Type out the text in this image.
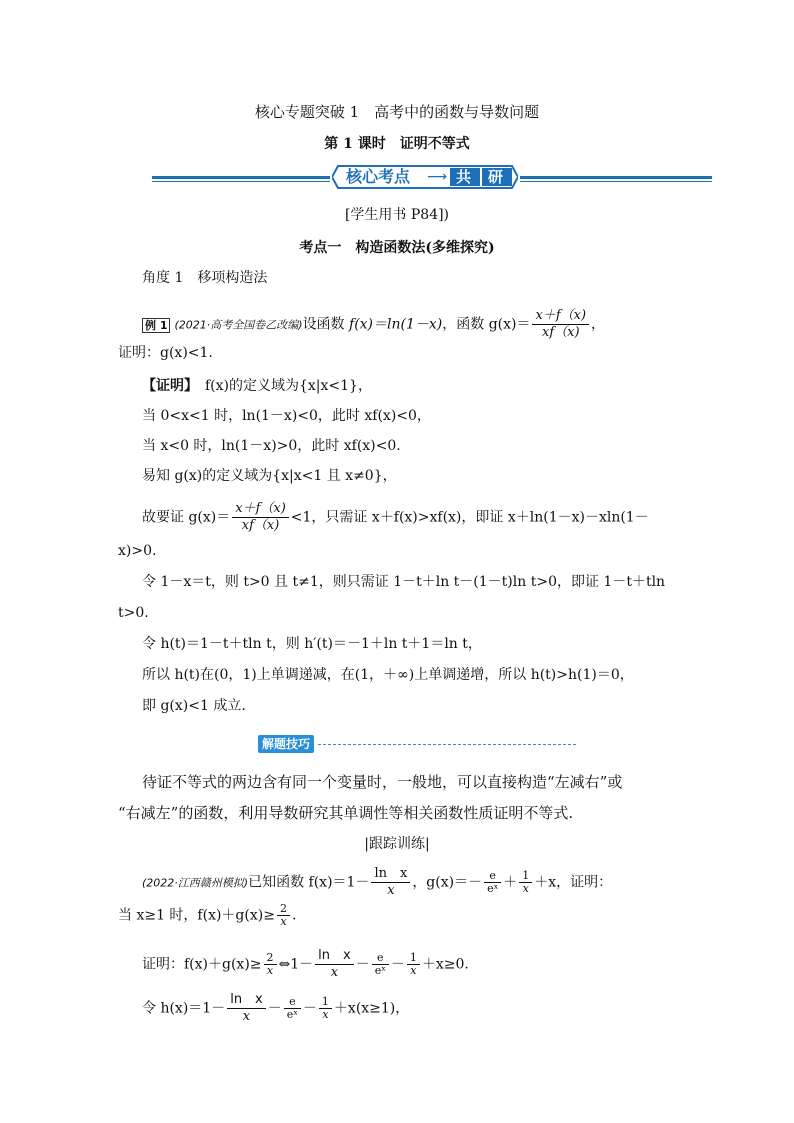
核心专题突破 1　高考中的函数与导数问题
第 1 课时　证明不等式
核心考点 ⟶ 共 研
[学生用书 P84])
考点一　构造函数法(多维探究)
角度 1　移项构造法
例 1 (2021·高考全国卷乙改编)设函数 f(x)＝ln(1－x)，函数 $g(x)= \frac{x+f(x)}{xf(x)}$ ，
证明：g(x)<1.
【证明】　 f(x)的定义域为{x|x<1}，
当 0<x<1 时，ln(1－x)<0，此时 xf(x)<0，
当 x<0 时，ln(1－x)>0，此时 xf(x)<0.
易知 g(x)的定义域为{x|x<1 且 x≠0}，
故要证 $g(x)= \frac{x+f(x)}{xf(x)} <1$，只需证 x＋f(x)>xf(x)，即证 x＋ln(1－x)－xln(1－
x)>0.
令 1－x＝t，则 t>0 且 t≠1，则只需证 1－t＋ln t－(1－t)ln t>0，即证 1－t＋tln
t>0.
令 h(t)＝1－t＋tln t，则 h′(t)＝－1＋ln t＋1＝ln t，
所以 h(t)在(0，1)上单调递减，在(1，＋∞)上单调递增，所以 h(t)>h(1)＝0，
即 g(x)<1 成立.
解题技巧
待证不等式的两边含有同一个变量时，一般地，可以直接构造“左减右”或
“右减左”的函数，利用导数研究其单调性等相关函数性质证明不等式.
|跟踪训练|
(2022·江西赣州模拟)已知函数 $f(x)=1- \frac{\text{ln　x}}{x}$ ，$g(x)=- \frac{e}{\text{eˣ}} + \frac{1}{x} +x$，证明：
当 x≥1 时，$f(x)+g(x)\ge \frac{2}{x}$ .
证明：$f(x)+g(x)\ge \frac{2}{x}$ ⇔1－ $\frac{\text{ln　x}}{x} - \frac{e}{\text{eˣ}} - \frac{1}{x} +x\ge 0$.
令 $h(x)=1- \frac{\text{ln　x}}{x} - \frac{e}{\text{eˣ}} - \frac{1}{x} +x(x\ge 1)$，
